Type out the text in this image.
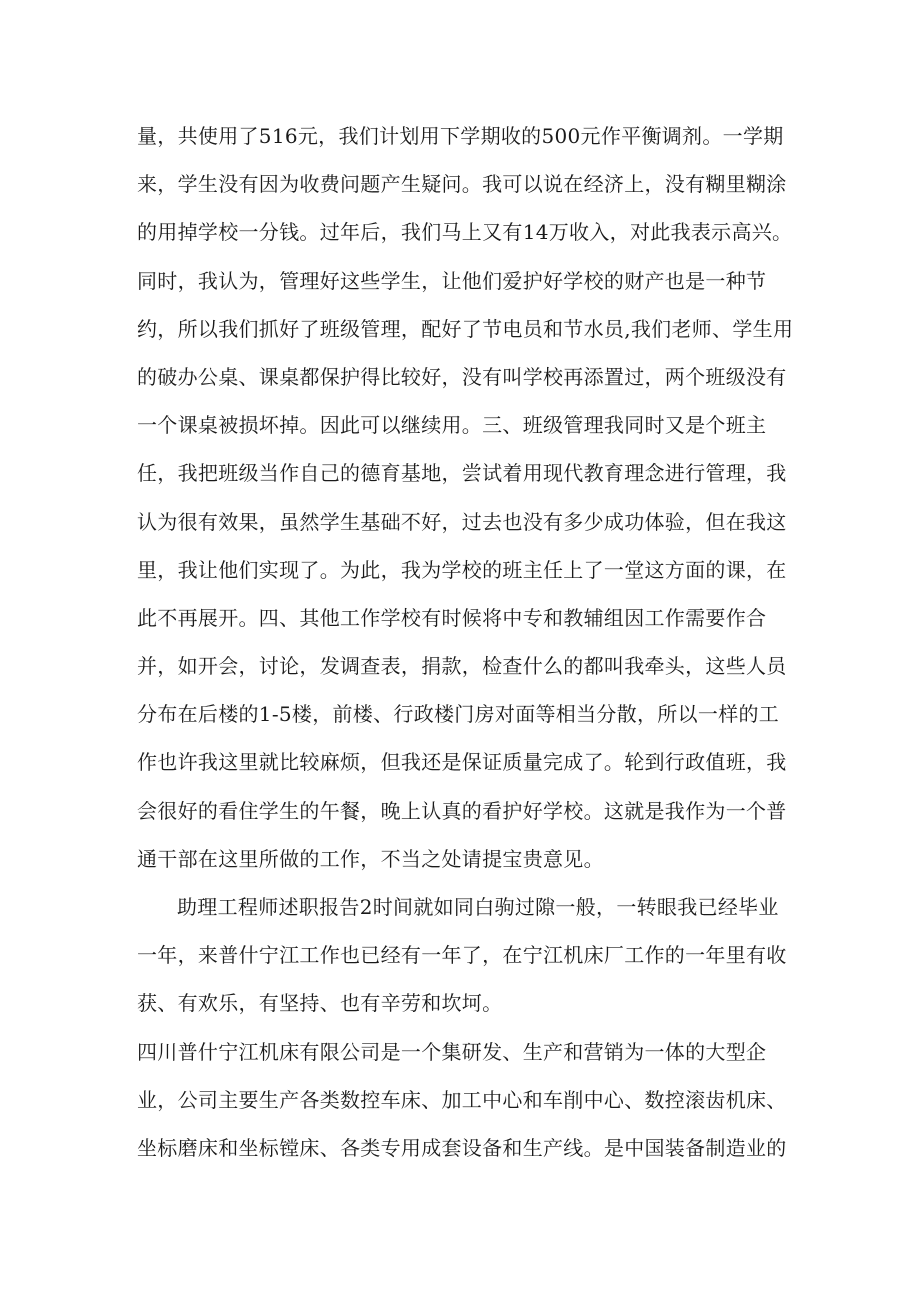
量，共使用了516元，我们计划用下学期收的500元作平衡调剂。一学期
来，学生没有因为收费问题产生疑问。我可以说在经济上，没有糊里糊涂
的用掉学校一分钱。过年后，我们马上又有14万收入，对此我表示高兴。
同时，我认为，管理好这些学生，让他们爱护好学校的财产也是一种节
约，所以我们抓好了班级管理，配好了节电员和节水员,我们老师、学生用
的破办公桌、课桌都保护得比较好，没有叫学校再添置过，两个班级没有
一个课桌被损坏掉。因此可以继续用。三、班级管理我同时又是个班主
任，我把班级当作自己的德育基地，尝试着用现代教育理念进行管理，我
认为很有效果，虽然学生基础不好，过去也没有多少成功体验，但在我这
里，我让他们实现了。为此，我为学校的班主任上了一堂这方面的课，在
此不再展开。四、其他工作学校有时候将中专和教辅组因工作需要作合
并，如开会，讨论，发调查表，捐款，检查什么的都叫我牵头，这些人员
分布在后楼的1-5楼，前楼、行政楼门房对面等相当分散，所以一样的工
作也许我这里就比较麻烦，但我还是保证质量完成了。轮到行政值班，我
会很好的看住学生的午餐，晚上认真的看护好学校。这就是我作为一个普
通干部在这里所做的工作，不当之处请提宝贵意见。
助理工程师述职报告2时间就如同白驹过隙一般，一转眼我已经毕业
一年，来普什宁江工作也已经有一年了，在宁江机床厂工作的一年里有收
获、有欢乐，有坚持、也有辛劳和坎坷。
四川普什宁江机床有限公司是一个集研发、生产和营销为一体的大型企
业，公司主要生产各类数控车床、加工中心和车削中心、数控滚齿机床、
坐标磨床和坐标镗床、各类专用成套设备和生产线。是中国装备制造业的
